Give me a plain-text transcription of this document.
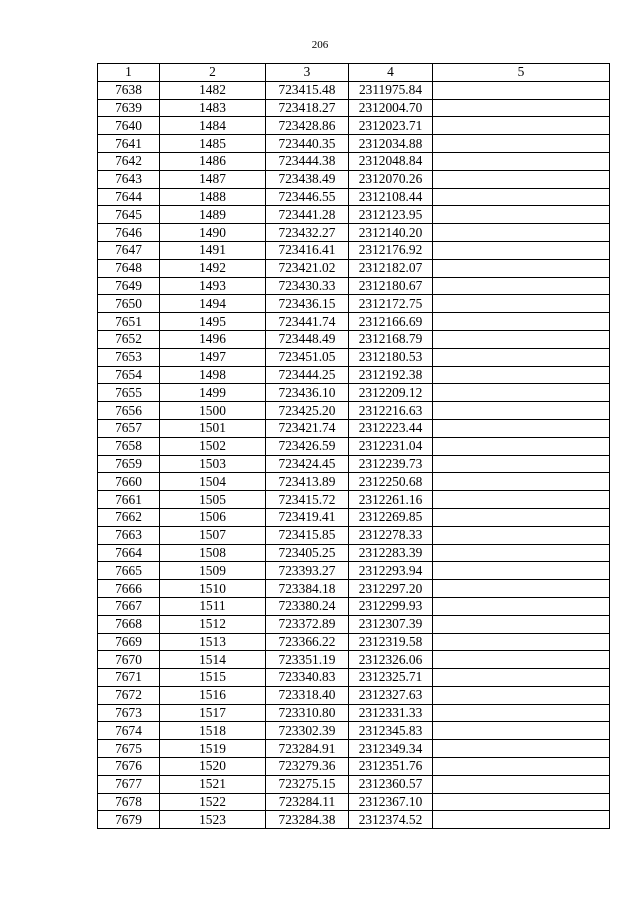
206
1	2	3	4	5
7638	1482	723415.48	2311975.84	
7639	1483	723418.27	2312004.70	
7640	1484	723428.86	2312023.71	
7641	1485	723440.35	2312034.88	
7642	1486	723444.38	2312048.84	
7643	1487	723438.49	2312070.26	
7644	1488	723446.55	2312108.44	
7645	1489	723441.28	2312123.95	
7646	1490	723432.27	2312140.20	
7647	1491	723416.41	2312176.92	
7648	1492	723421.02	2312182.07	
7649	1493	723430.33	2312180.67	
7650	1494	723436.15	2312172.75	
7651	1495	723441.74	2312166.69	
7652	1496	723448.49	2312168.79	
7653	1497	723451.05	2312180.53	
7654	1498	723444.25	2312192.38	
7655	1499	723436.10	2312209.12	
7656	1500	723425.20	2312216.63	
7657	1501	723421.74	2312223.44	
7658	1502	723426.59	2312231.04	
7659	1503	723424.45	2312239.73	
7660	1504	723413.89	2312250.68	
7661	1505	723415.72	2312261.16	
7662	1506	723419.41	2312269.85	
7663	1507	723415.85	2312278.33	
7664	1508	723405.25	2312283.39	
7665	1509	723393.27	2312293.94	
7666	1510	723384.18	2312297.20	
7667	1511	723380.24	2312299.93	
7668	1512	723372.89	2312307.39	
7669	1513	723366.22	2312319.58	
7670	1514	723351.19	2312326.06	
7671	1515	723340.83	2312325.71	
7672	1516	723318.40	2312327.63	
7673	1517	723310.80	2312331.33	
7674	1518	723302.39	2312345.83	
7675	1519	723284.91	2312349.34	
7676	1520	723279.36	2312351.76	
7677	1521	723275.15	2312360.57	
7678	1522	723284.11	2312367.10	
7679	1523	723284.38	2312374.52	
